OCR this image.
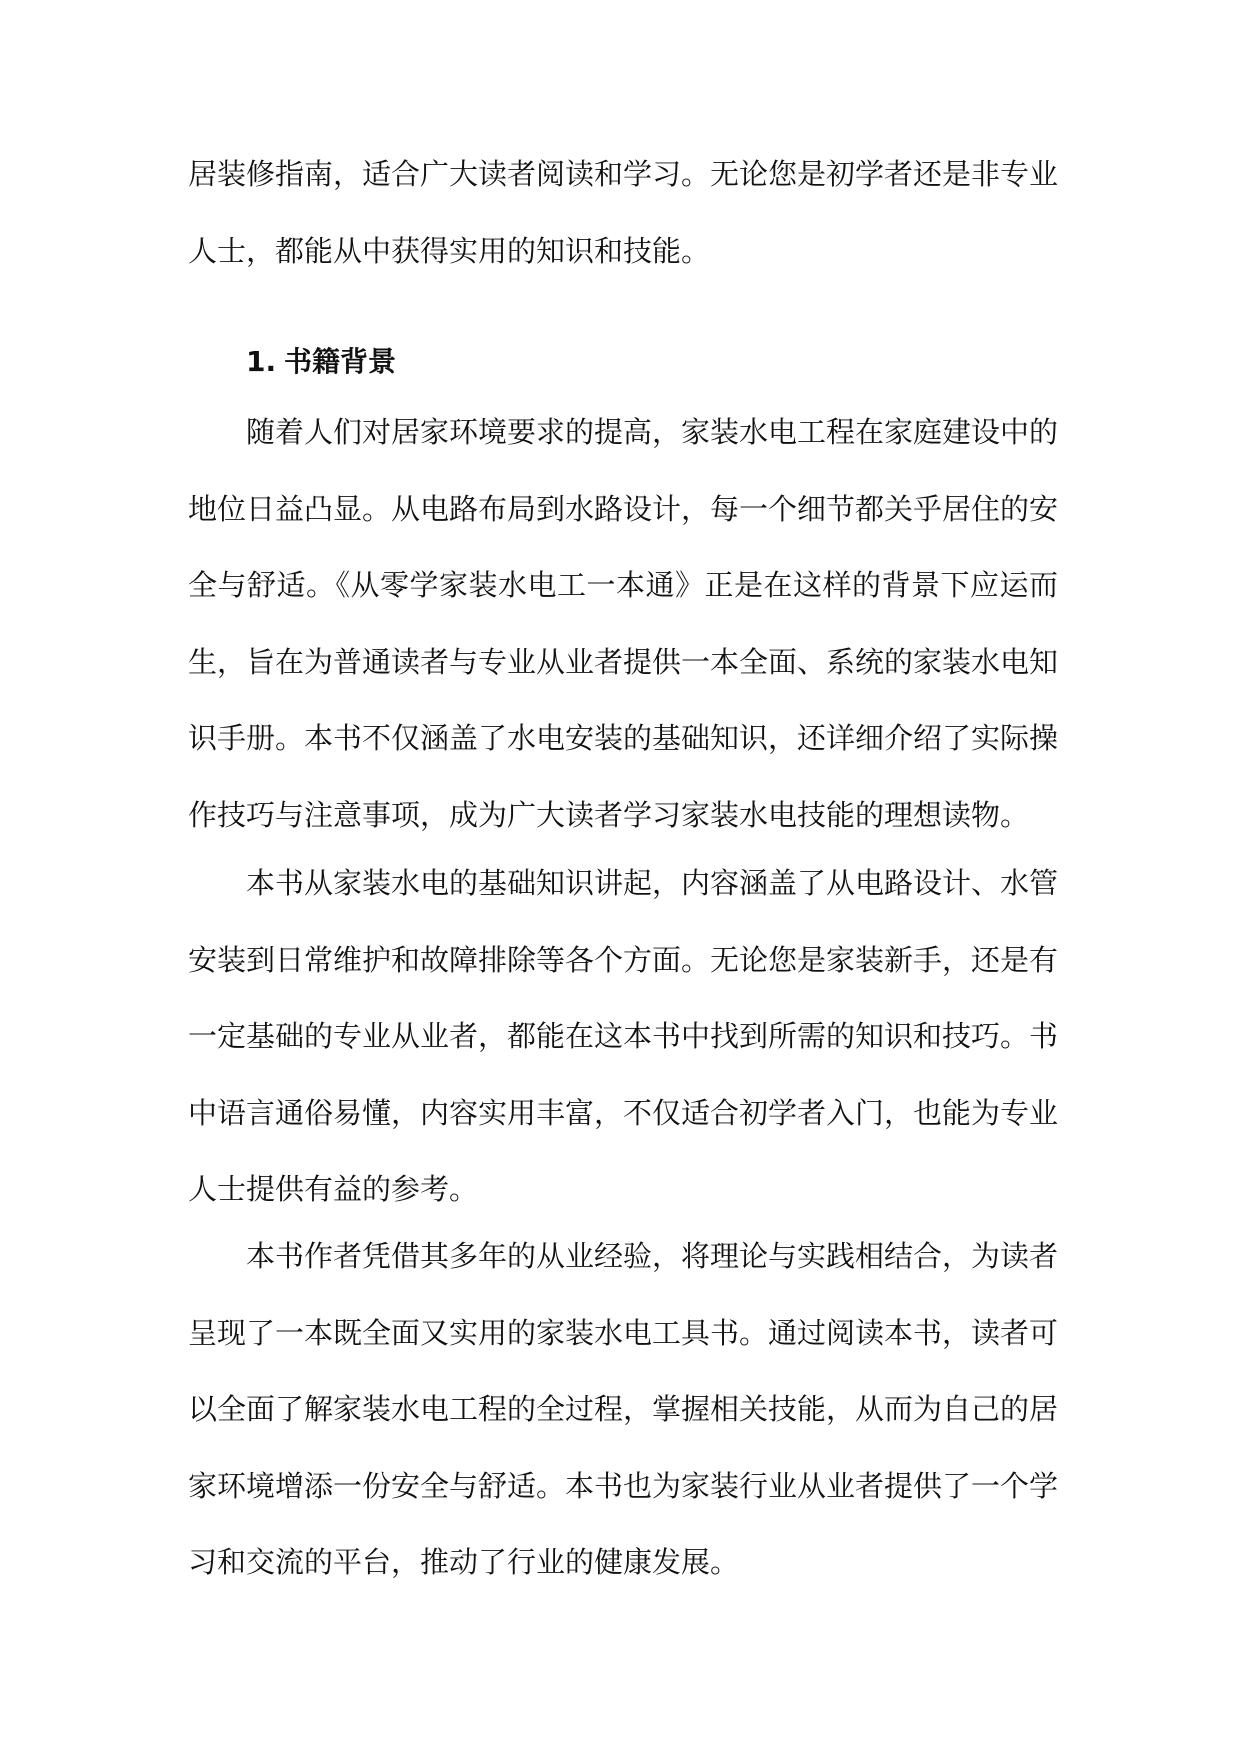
居装修指南，适合广大读者阅读和学习。无论您是初学者还是非专业人士，都能从中获得实用的知识和技能。

1. 书籍背景

随着人们对居家环境要求的提高，家装水电工程在家庭建设中的地位日益凸显。从电路布局到水路设计，每一个细节都关乎居住的安全与舒适。《从零学家装水电工一本通》正是在这样的背景下应运而生，旨在为普通读者与专业从业者提供一本全面、系统的家装水电知识手册。本书不仅涵盖了水电安装的基础知识，还详细介绍了实际操作技巧与注意事项，成为广大读者学习家装水电技能的理想读物。

本书从家装水电的基础知识讲起，内容涵盖了从电路设计、水管安装到日常维护和故障排除等各个方面。无论您是家装新手，还是有一定基础的专业从业者，都能在这本书中找到所需的知识和技巧。书中语言通俗易懂，内容实用丰富，不仅适合初学者入门，也能为专业人士提供有益的参考。

本书作者凭借其多年的从业经验，将理论与实践相结合，为读者呈现了一本既全面又实用的家装水电工具书。通过阅读本书，读者可以全面了解家装水电工程的全过程，掌握相关技能，从而为自己的居家环境增添一份安全与舒适。本书也为家装行业从业者提供了一个学习和交流的平台，推动了行业的健康发展。
